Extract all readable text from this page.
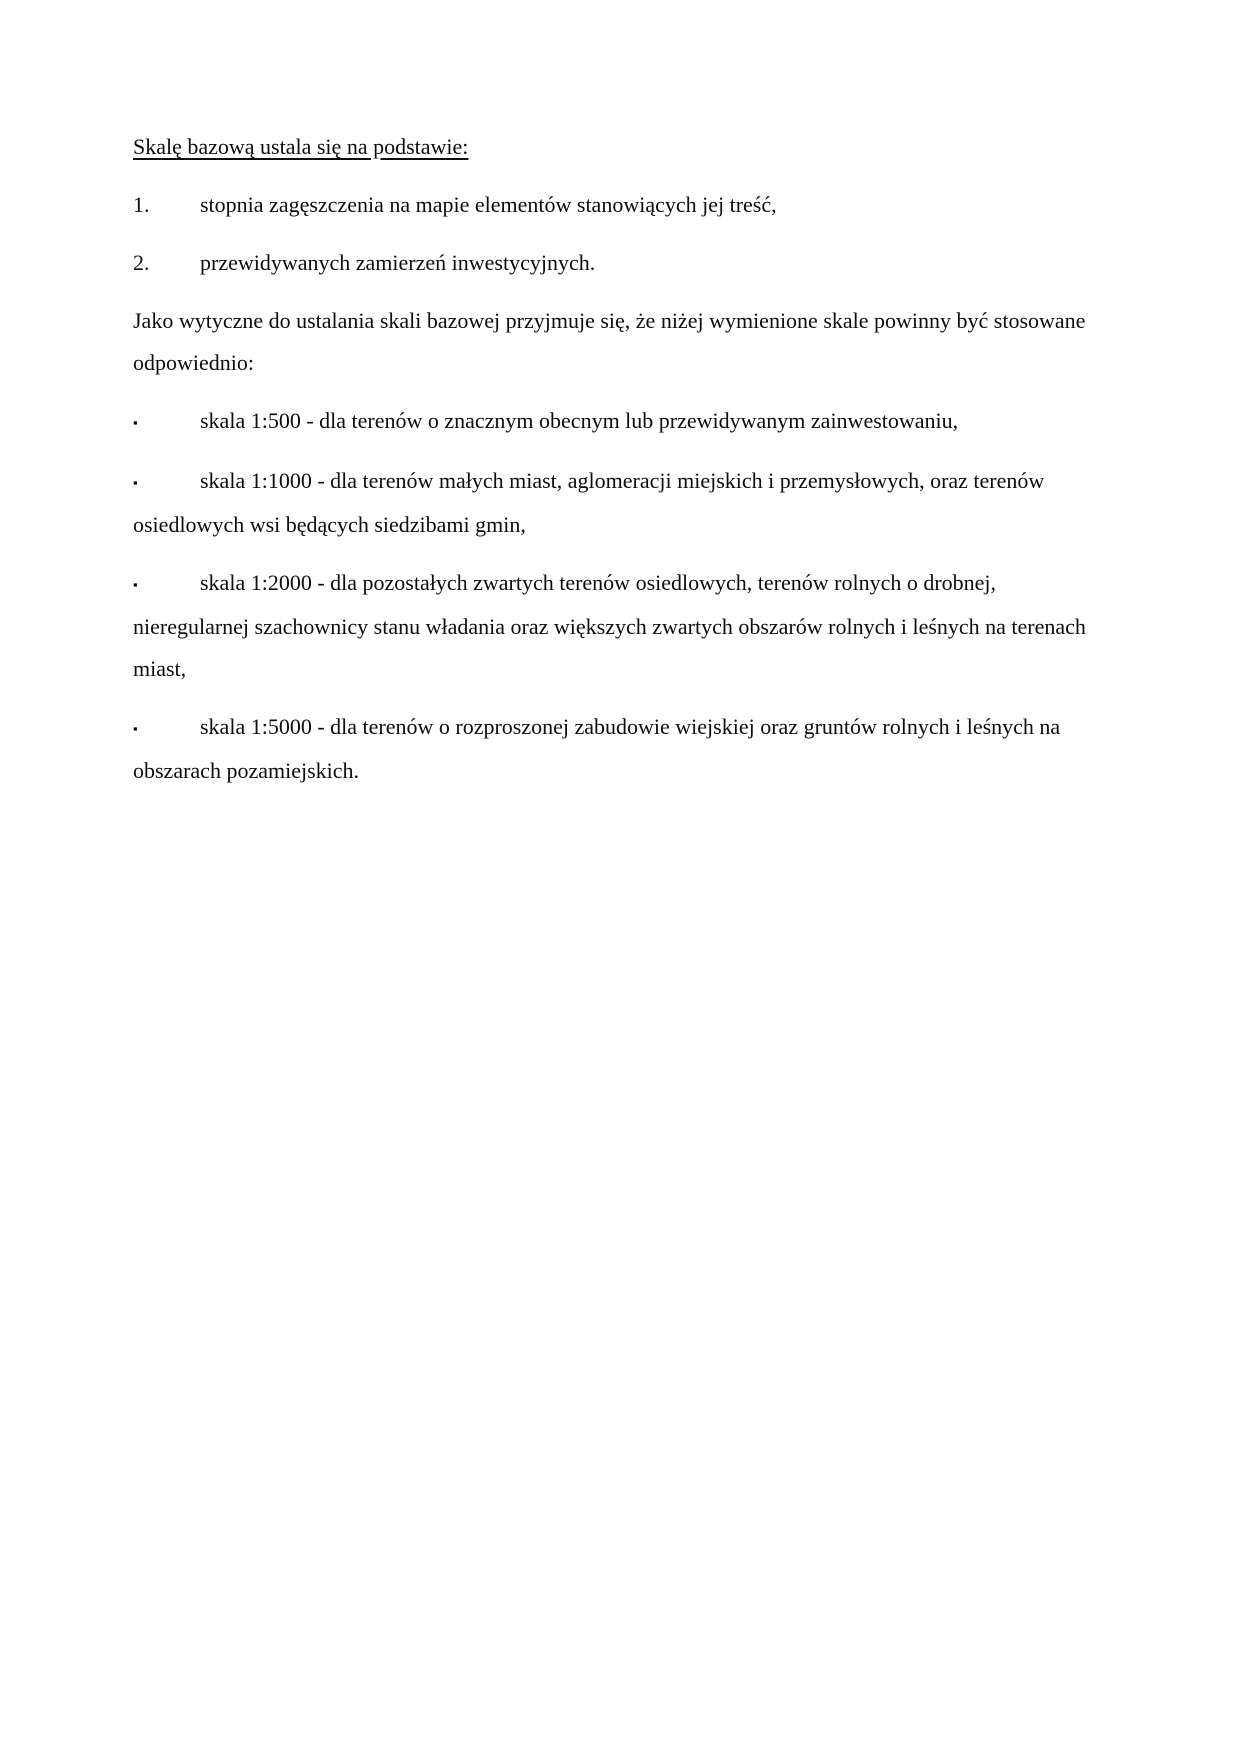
Skalę bazową ustala się na podstawie:

1. stopnia zagęszczenia na mapie elementów stanowiących jej treść,

2. przewidywanych zamierzeń inwestycyjnych.

Jako wytyczne do ustalania skali bazowej przyjmuje się, że niżej wymienione skale powinny być stosowane odpowiednio:

▪	skala 1:500 - dla terenów o znacznym obecnym lub przewidywanym zainwestowaniu,

▪	skala 1:1000 - dla terenów małych miast, aglomeracji miejskich i przemysłowych, oraz terenów osiedlowych wsi będących siedzibami gmin,

▪	skala 1:2000 - dla pozostałych zwartych terenów osiedlowych, terenów rolnych o drobnej, nieregularnej szachownicy stanu władania oraz większych zwartych obszarów rolnych i leśnych na terenach miast,

▪	skala 1:5000 - dla terenów o rozproszonej zabudowie wiejskiej oraz gruntów rolnych i leśnych na obszarach pozamiejskich.
